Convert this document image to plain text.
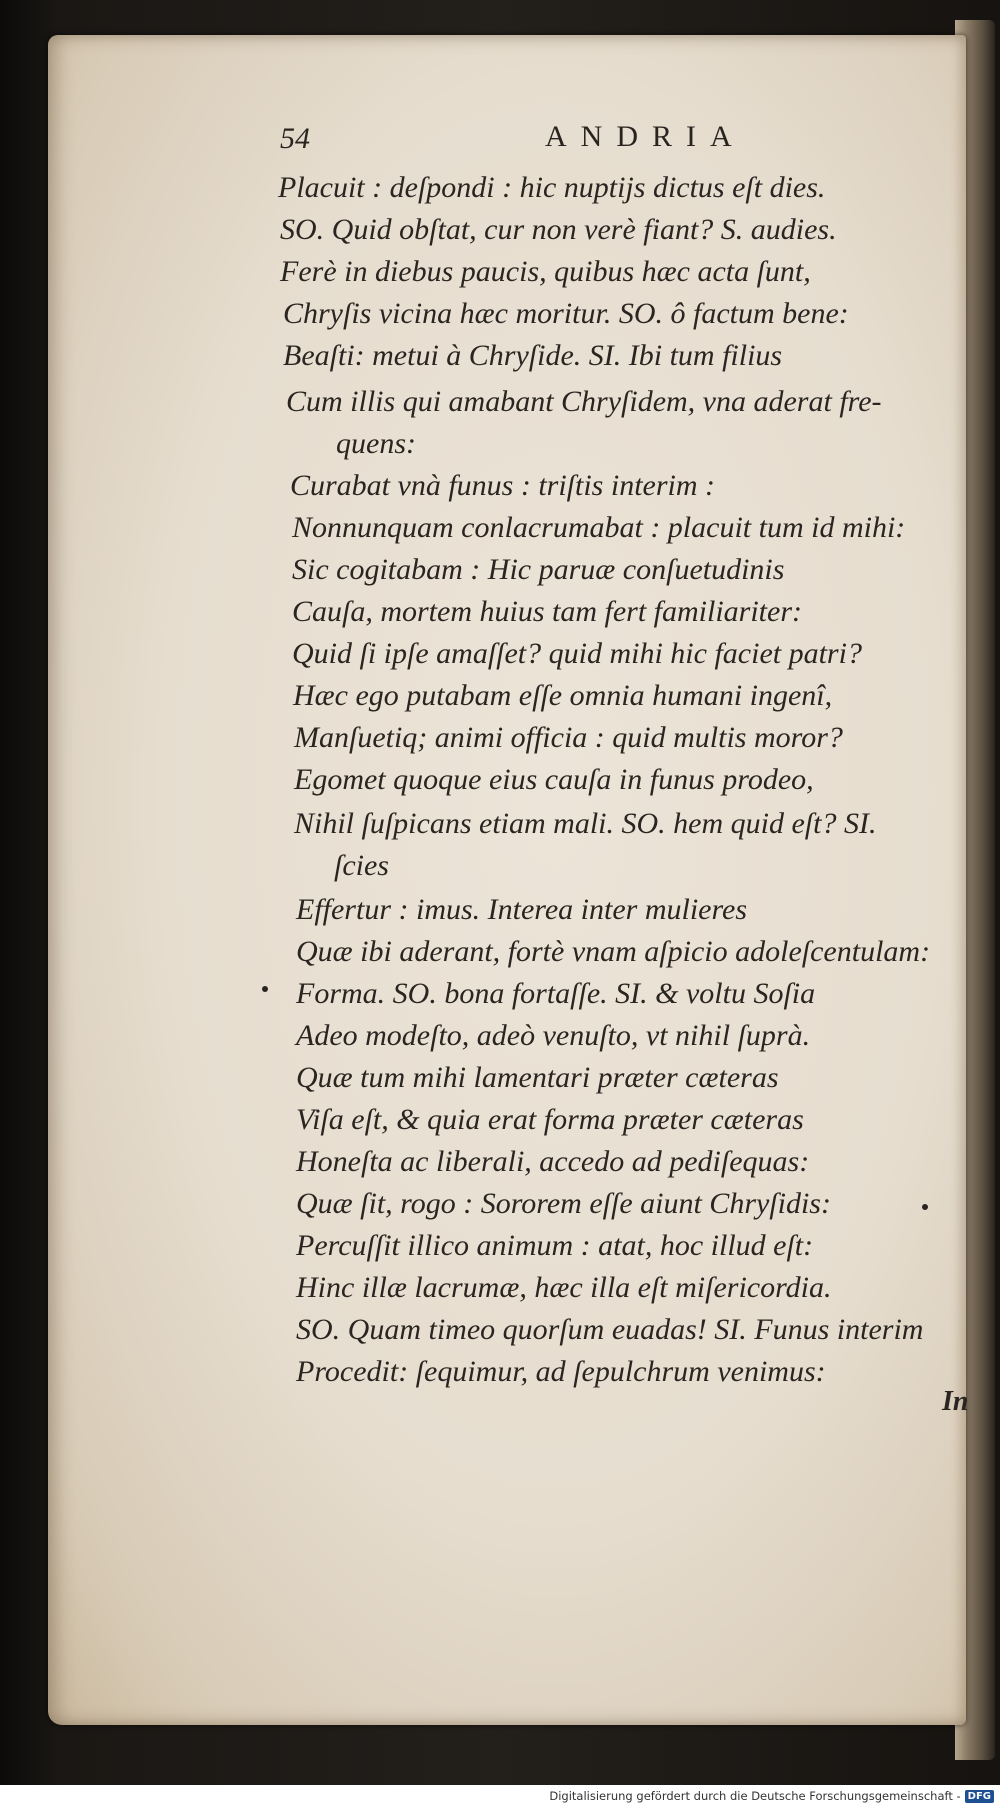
54	ANDRIA
Placuit : deſpondi : hic nuptijs dictus eſt dies.
SO. Quid obſtat, cur non verè fiant? S. audies.
Ferè in diebus paucis, quibus hæc acta ſunt,
Chryſis vicina hæc moritur. SO. ô factum bene:
Beaſti: metui à Chryſide. SI. Ibi tum filius
Cum illis qui amabant Chryſidem, vna aderat fre-
quens:
Curabat vnà funus : triſtis interim :
Nonnunquam conlacrumabat : placuit tum id mihi:
Sic cogitabam : Hic paruæ conſuetudinis
Cauſa, mortem huius tam fert familiariter:
Quid ſi ipſe amaſſet? quid mihi hic faciet patri?
Hæc ego putabam eſſe omnia humani ingenî,
Manſuetiq; animi officia : quid multis moror?
Egomet quoque eius cauſa in funus prodeo,
Nihil ſuſpicans etiam mali. SO. hem quid eſt? SI.
ſcies
Effertur : imus. Interea inter mulieres
Quæ ibi aderant, fortè vnam aſpicio adoleſcentulam:
Forma. SO. bona fortaſſe. SI. & voltu Soſia
Adeo modeſto, adeò venuſto, vt nihil ſuprà.
Quæ tum mihi lamentari præter cæteras
Viſa eſt, & quia erat forma præter cæteras
Honeſta ac liberali, accedo ad pediſequas:
Quæ ſit, rogo : Sororem eſſe aiunt Chryſidis:
Percuſſit illico animum : atat, hoc illud eſt:
Hinc illæ lacrumæ, hæc illa eſt miſericordia.
SO. Quam timeo quorſum euadas! SI. Funus interim
Procedit: ſequimur, ad ſepulchrum venimus:
In
Digitalisierung gefördert durch die Deutsche Forschungsgemeinschaft - DFG
